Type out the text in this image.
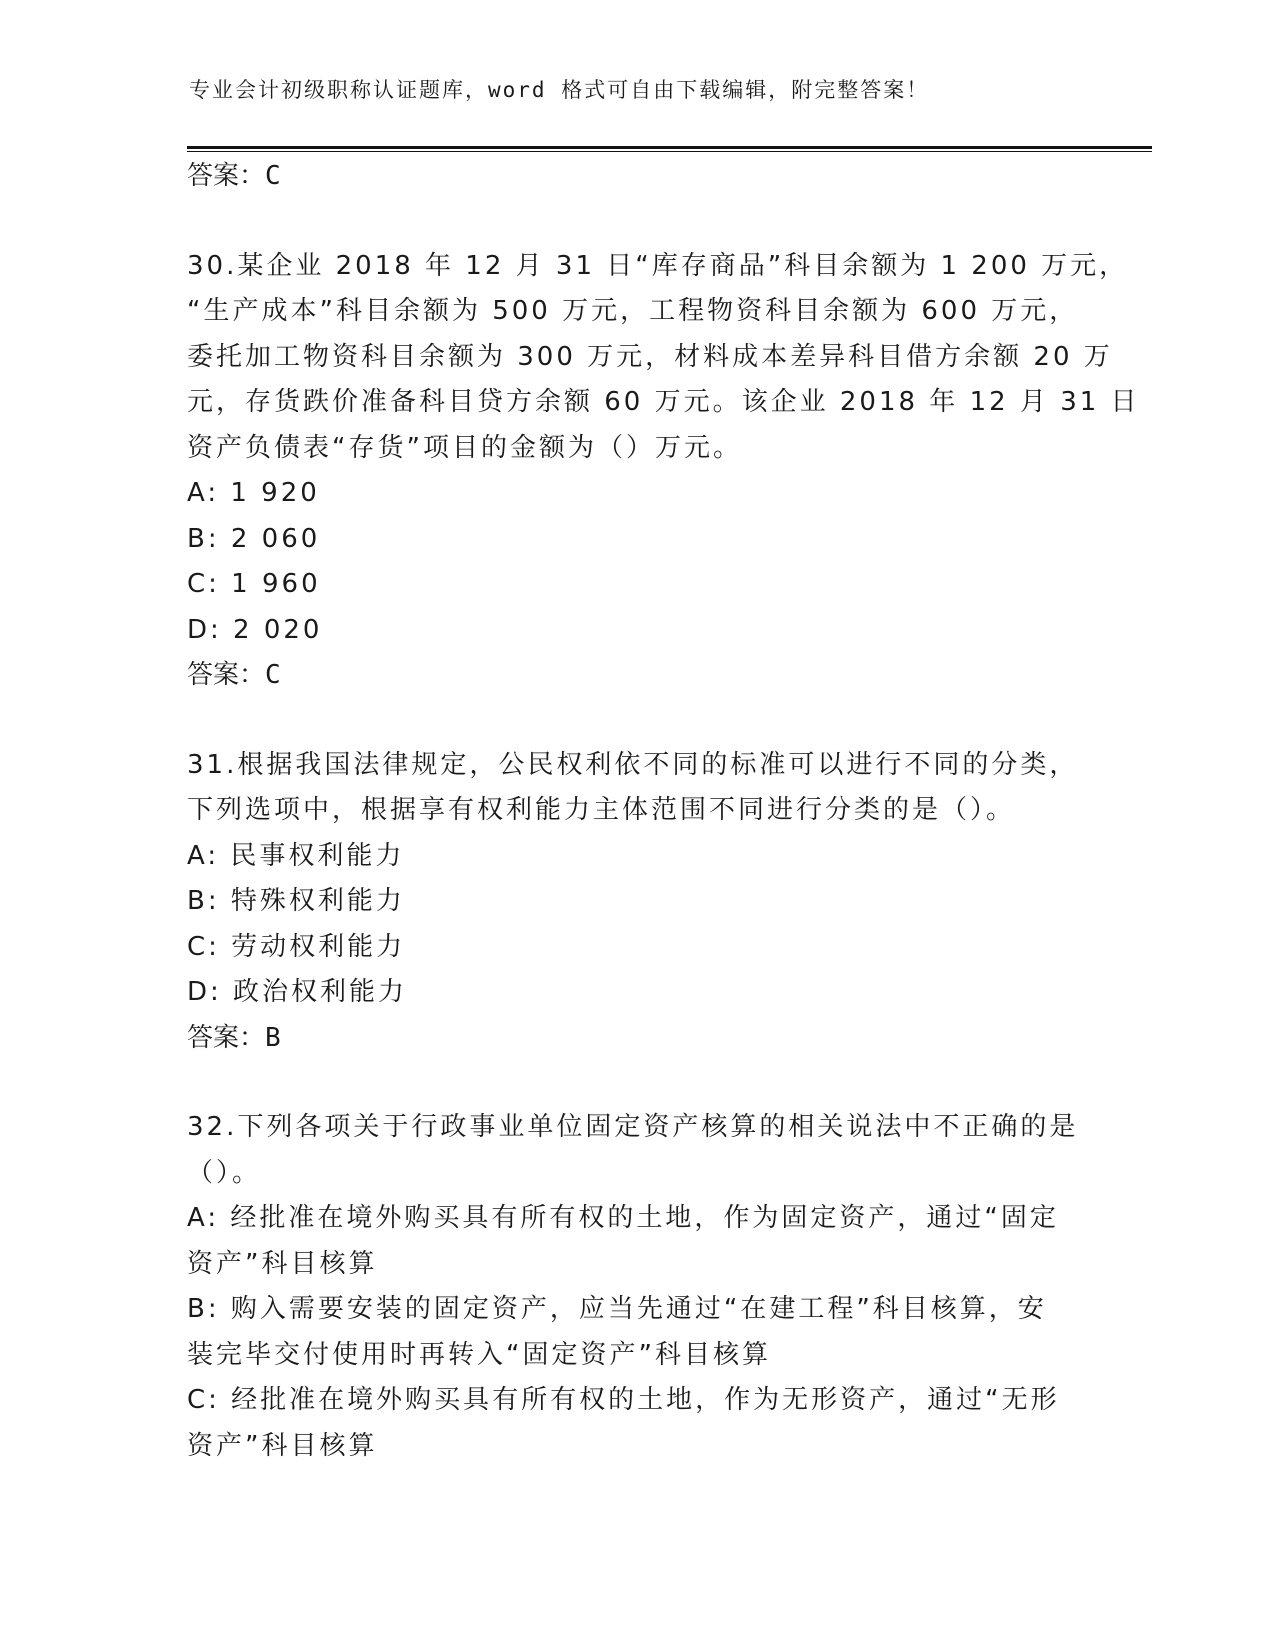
专业会计初级职称认证题库，word 格式可自由下载编辑，附完整答案！
答案：C
30.某企业 2018 年 12 月 31 日“库存商品”科目余额为 1 200 万元，
“生产成本”科目余额为 500 万元，工程物资科目余额为 600 万元，
委托加工物资科目余额为 300 万元，材料成本差异科目借方余额 20 万
元，存货跌价准备科目贷方余额 60 万元。该企业 2018 年 12 月 31 日
资产负债表“存货”项目的金额为（）万元。
A: 1 920
B: 2 060
C: 1 960
D: 2 020
答案：C
31.根据我国法律规定，公民权利依不同的标准可以进行不同的分类，
下列选项中，根据享有权利能力主体范围不同进行分类的是（）。
A: 民事权利能力
B: 特殊权利能力
C: 劳动权利能力
D: 政治权利能力
答案：B
32.下列各项关于行政事业单位固定资产核算的相关说法中不正确的是
（）。
A: 经批准在境外购买具有所有权的土地，作为固定资产，通过“固定
资产”科目核算
B: 购入需要安装的固定资产，应当先通过“在建工程”科目核算，安
装完毕交付使用时再转入“固定资产”科目核算
C: 经批准在境外购买具有所有权的土地，作为无形资产，通过“无形
资产”科目核算
